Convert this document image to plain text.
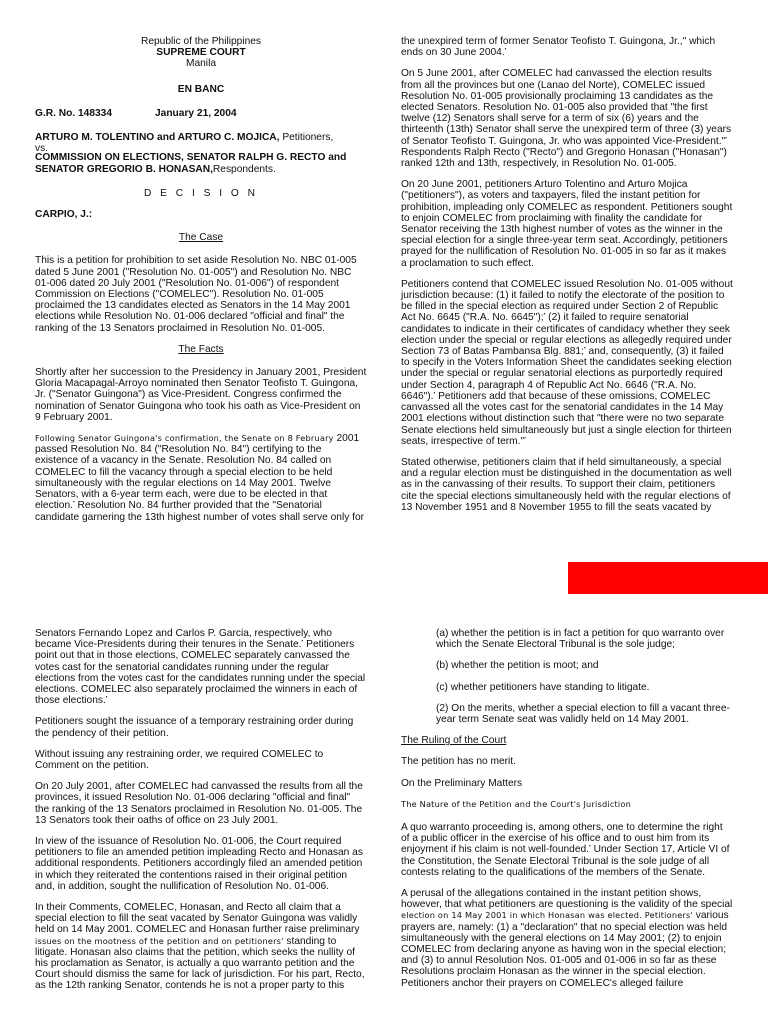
Republic of the Philippines
SUPREME COURT
Manila
EN BANC
G.R. No. 148334	January 21, 2004
ARTURO M. TOLENTINO and ARTURO C. MOJICA, Petitioners,
vs.
COMMISSION ON ELECTIONS, SENATOR RALPH G. RECTO and SENATOR GREGORIO B. HONASAN,Respondents.
D E C I S I O N
CARPIO, J.:
The Case

This is a petition for prohibition to set aside Resolution No. NBC 01-005 dated 5 June 2001 ("Resolution No. 01-005") and Resolution No. NBC 01-006 dated 20 July 2001 ("Resolution No. 01-006") of respondent Commission on Elections ("COMELEC"). Resolution No. 01-005 proclaimed the 13 candidates elected as Senators in the 14 May 2001 elections while Resolution No. 01-006 declared "official and final" the ranking of the 13 Senators proclaimed in Resolution No. 01-005.

The Facts

Shortly after her succession to the Presidency in January 2001, President Gloria Macapagal-Arroyo nominated then Senator Teofisto T. Guingona, Jr. ("Senator Guingona") as Vice-President. Congress confirmed the nomination of Senator Guingona who took his oath as Vice-President on 9 February 2001.

Following Senator Guingona's confirmation, the Senate on 8 February 2001 passed Resolution No. 84 ("Resolution No. 84") certifying to the existence of a vacancy in the Senate. Resolution No. 84 called on COMELEC to fill the vacancy through a special election to be held simultaneously with the regular elections on 14 May 2001. Twelve Senators, with a 6-year term each, were due to be elected in that election.• Resolution No. 84 further provided that the "Senatorial candidate garnering the 13th highest number of votes shall serve only for

the unexpired term of former Senator Teofisto T. Guingona, Jr.," which ends on 30 June 2004.•

On 5 June 2001, after COMELEC had canvassed the election results from all the provinces but one (Lanao del Norte), COMELEC issued Resolution No. 01-005 provisionally proclaiming 13 candidates as the elected Senators. Resolution No. 01-005 also provided that "the first twelve (12) Senators shall serve for a term of six (6) years and the thirteenth (13th) Senator shall serve the unexpired term of three (3) years of Senator Teofisto T. Guingona, Jr. who was appointed Vice-President."• Respondents Ralph Recto ("Recto") and Gregorio Honasan ("Honasan") ranked 12th and 13th, respectively, in Resolution No. 01-005.

On 20 June 2001, petitioners Arturo Tolentino and Arturo Mojica ("petitioners"), as voters and taxpayers, filed the instant petition for prohibition, impleading only COMELEC as respondent. Petitioners sought to enjoin COMELEC from proclaiming with finality the candidate for Senator receiving the 13th highest number of votes as the winner in the special election for a single three-year term seat. Accordingly, petitioners prayed for the nullification of Resolution No. 01-005 in so far as it makes a proclamation to such effect.

Petitioners contend that COMELEC issued Resolution No. 01-005 without jurisdiction because: (1) it failed to notify the electorate of the position to be filled in the special election as required under Section 2 of Republic Act No. 6645 ("R.A. No. 6645");• (2) it failed to require senatorial candidates to indicate in their certificates of candidacy whether they seek election under the special or regular elections as allegedly required under Section 73 of Batas Pambansa Blg. 881;• and, consequently, (3) it failed to specify in the Voters Information Sheet the candidates seeking election under the special or regular senatorial elections as purportedly required under Section 4, paragraph 4 of Republic Act No. 6646 ("R.A. No. 6646").• Petitioners add that because of these omissions, COMELEC canvassed all the votes cast for the senatorial candidates in the 14 May 2001 elections without distinction such that "there were no two separate Senate elections held simultaneously but just a single election for thirteen seats, irrespective of term."•

Stated otherwise, petitioners claim that if held simultaneously, a special and a regular election must be distinguished in the documentation as well as in the canvassing of their results. To support their claim, petitioners cite the special elections simultaneously held with the regular elections of 13 November 1951 and 8 November 1955 to fill the seats vacated by

Senators Fernando Lopez and Carlos P. Garcia, respectively, who became Vice-Presidents during their tenures in the Senate.• Petitioners point out that in those elections, COMELEC separately canvassed the votes cast for the senatorial candidates running under the regular elections from the votes cast for the candidates running under the special elections. COMELEC also separately proclaimed the winners in each of those elections.•

Petitioners sought the issuance of a temporary restraining order during the pendency of their petition.

Without issuing any restraining order, we required COMELEC to Comment on the petition.

On 20 July 2001, after COMELEC had canvassed the results from all the provinces, it issued Resolution No. 01-006 declaring "official and final" the ranking of the 13 Senators proclaimed in Resolution No. 01-005. The 13 Senators took their oaths of office on 23 July 2001.

In view of the issuance of Resolution No. 01-006, the Court required petitioners to file an amended petition impleading Recto and Honasan as additional respondents. Petitioners accordingly filed an amended petition in which they reiterated the contentions raised in their original petition and, in addition, sought the nullification of Resolution No. 01-006.

In their Comments, COMELEC, Honasan, and Recto all claim that a special election to fill the seat vacated by Senator Guingona was validly held on 14 May 2001. COMELEC and Honasan further raise preliminary issues on the mootness of the petition and on petitioners' standing to litigate. Honasan also claims that the petition, which seeks the nullity of his proclamation as Senator, is actually a quo warranto petition and the Court should dismiss the same for lack of jurisdiction. For his part, Recto, as the 12th ranking Senator, contends he is not a proper party to this

(a) whether the petition is in fact a petition for quo warranto over which the Senate Electoral Tribunal is the sole judge;

(b) whether the petition is moot; and

(c) whether petitioners have standing to litigate.

(2) On the merits, whether a special election to fill a vacant three-year term Senate seat was validly held on 14 May 2001.

The Ruling of the Court

The petition has no merit.

On the Preliminary Matters

The Nature of the Petition and the Court's Jurisdiction

A quo warranto proceeding is, among others, one to determine the right of a public officer in the exercise of his office and to oust him from its enjoyment if his claim is not well-founded.• Under Section 17, Article VI of the Constitution, the Senate Electoral Tribunal is the sole judge of all contests relating to the qualifications of the members of the Senate.

A perusal of the allegations contained in the instant petition shows, however, that what petitioners are questioning is the validity of the special election on 14 May 2001 in which Honasan was elected. Petitioners' various prayers are, namely: (1) a "declaration" that no special election was held simultaneously with the general elections on 14 May 2001; (2) to enjoin COMELEC from declaring anyone as having won in the special election; and (3) to annul Resolution Nos. 01-005 and 01-006 in so far as these Resolutions proclaim Honasan as the winner in the special election. Petitioners anchor their prayers on COMELEC's alleged failure
